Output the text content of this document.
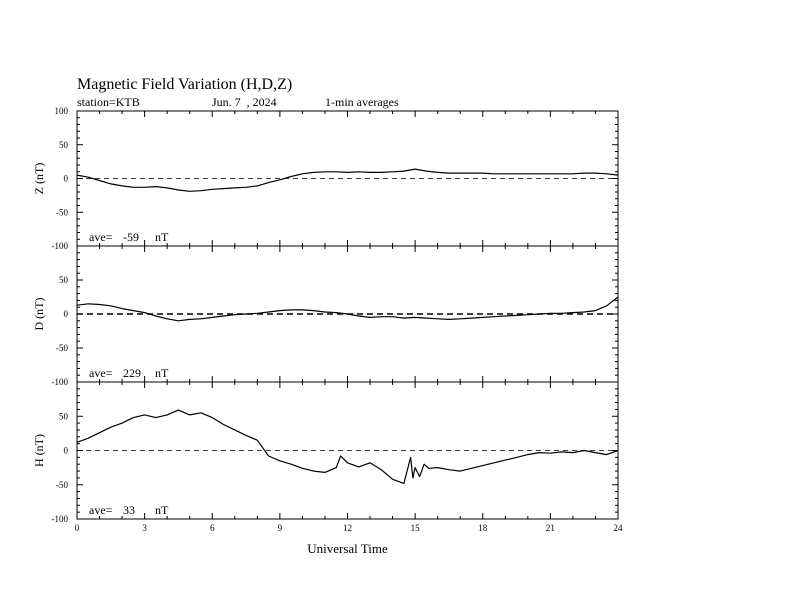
100
50
0
-50
-100
Z (nT)
ave= -59 nT
50
0
-50
-100
D (nT)
ave= 229 nT
50
0
-50
-100
H (nT)
ave= 33 nT
0	3	6	9	12	15	18	21	24
Universal Time
Magnetic Field Variation (H,D,Z)
station=KTB	Jun. 7  , 2024	1-min averages
